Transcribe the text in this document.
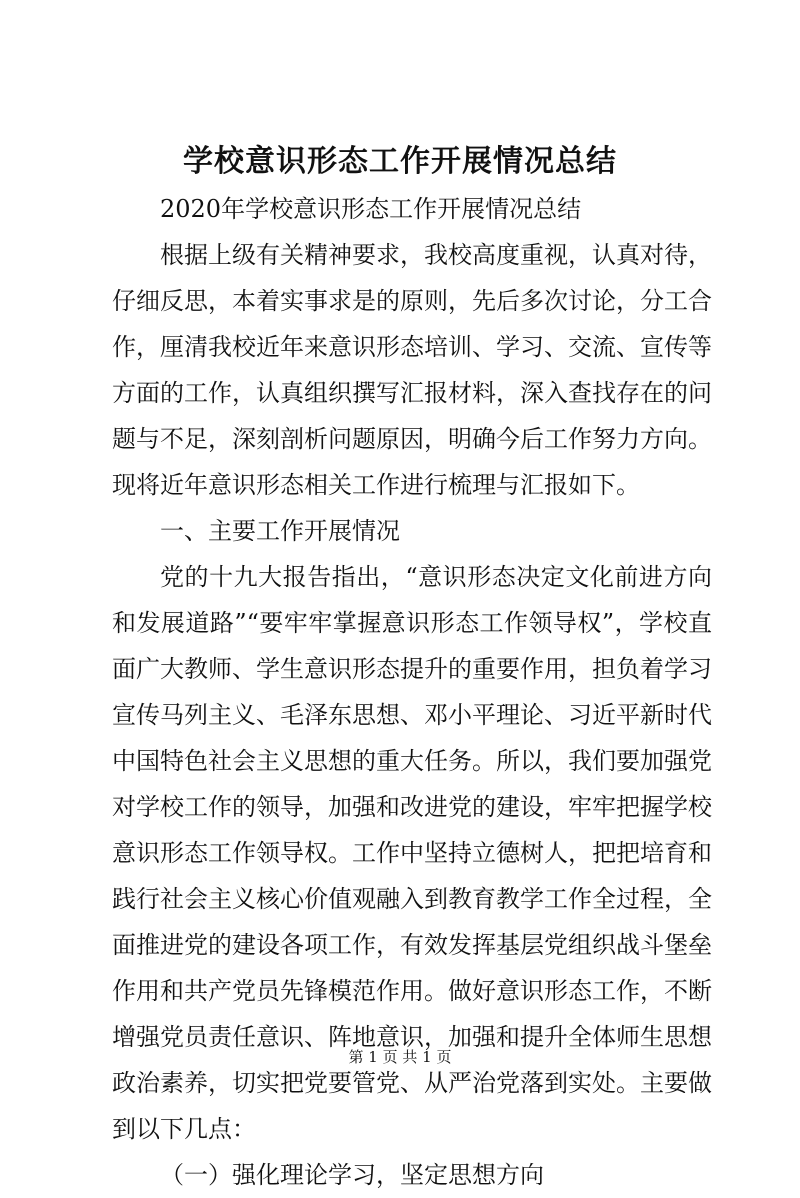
学校意识形态工作开展情况总结

2020年学校意识形态工作开展情况总结

根据上级有关精神要求，我校高度重视，认真对待，仔细反思，本着实事求是的原则，先后多次讨论，分工合作，厘清我校近年来意识形态培训、学习、交流、宣传等方面的工作，认真组织撰写汇报材料，深入查找存在的问题与不足，深刻剖析问题原因，明确今后工作努力方向。现将近年意识形态相关工作进行梳理与汇报如下。

一、主要工作开展情况

党的十九大报告指出，“意识形态决定文化前进方向和发展道路”“要牢牢掌握意识形态工作领导权”，学校直面广大教师、学生意识形态提升的重要作用，担负着学习宣传马列主义、毛泽东思想、邓小平理论、习近平新时代中国特色社会主义思想的重大任务。所以，我们要加强党对学校工作的领导，加强和改进党的建设，牢牢把握学校意识形态工作领导权。工作中坚持立德树人，把把培育和践行社会主义核心价值观融入到教育教学工作全过程，全面推进党的建设各项工作，有效发挥基层党组织战斗堡垒作用和共产党员先锋模范作用。做好意识形态工作，不断增强党员责任意识、阵地意识，加强和提升全体师生思想政治素养，切实把党要管党、从严治党落到实处。主要做到以下几点：

（一）强化理论学习，坚定思想方向

第 1 页 共 1 页
